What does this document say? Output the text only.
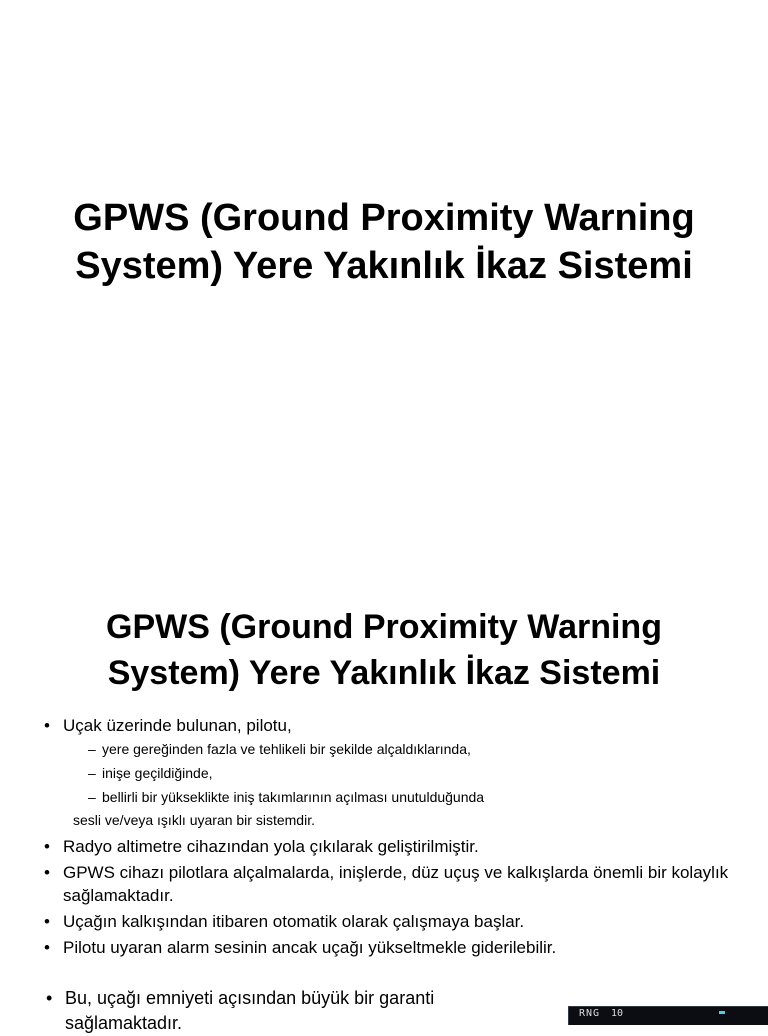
GPWS (Ground Proximity Warning
System) Yere Yakınlık İkaz Sistemi
GPWS (Ground Proximity Warning
System) Yere Yakınlık İkaz Sistemi
• Uçak üzerinde bulunan, pilotu,
– yere gereğinden fazla ve tehlikeli bir şekilde alçaldıklarında,
– inişe geçildiğinde,
– bellirli bir yükseklikte iniş takımlarının açılması unutulduğunda
sesli ve/veya ışıklı uyaran bir sistemdir.
• Radyo altimetre cihazından yola çıkılarak geliştirilmiştir.
• GPWS cihazı pilotlara alçalmalarda, inişlerde, düz uçuş ve kalkışlarda önemli bir kolaylık sağlamaktadır.
• Uçağın kalkışından itibaren otomatik olarak çalışmaya başlar.
• Pilotu uyaran alarm sesinin ancak uçağı yükseltmekle giderilebilir.
• Bu, uçağı emniyeti açısından büyük bir garanti sağlamaktadır.	RNG 10
